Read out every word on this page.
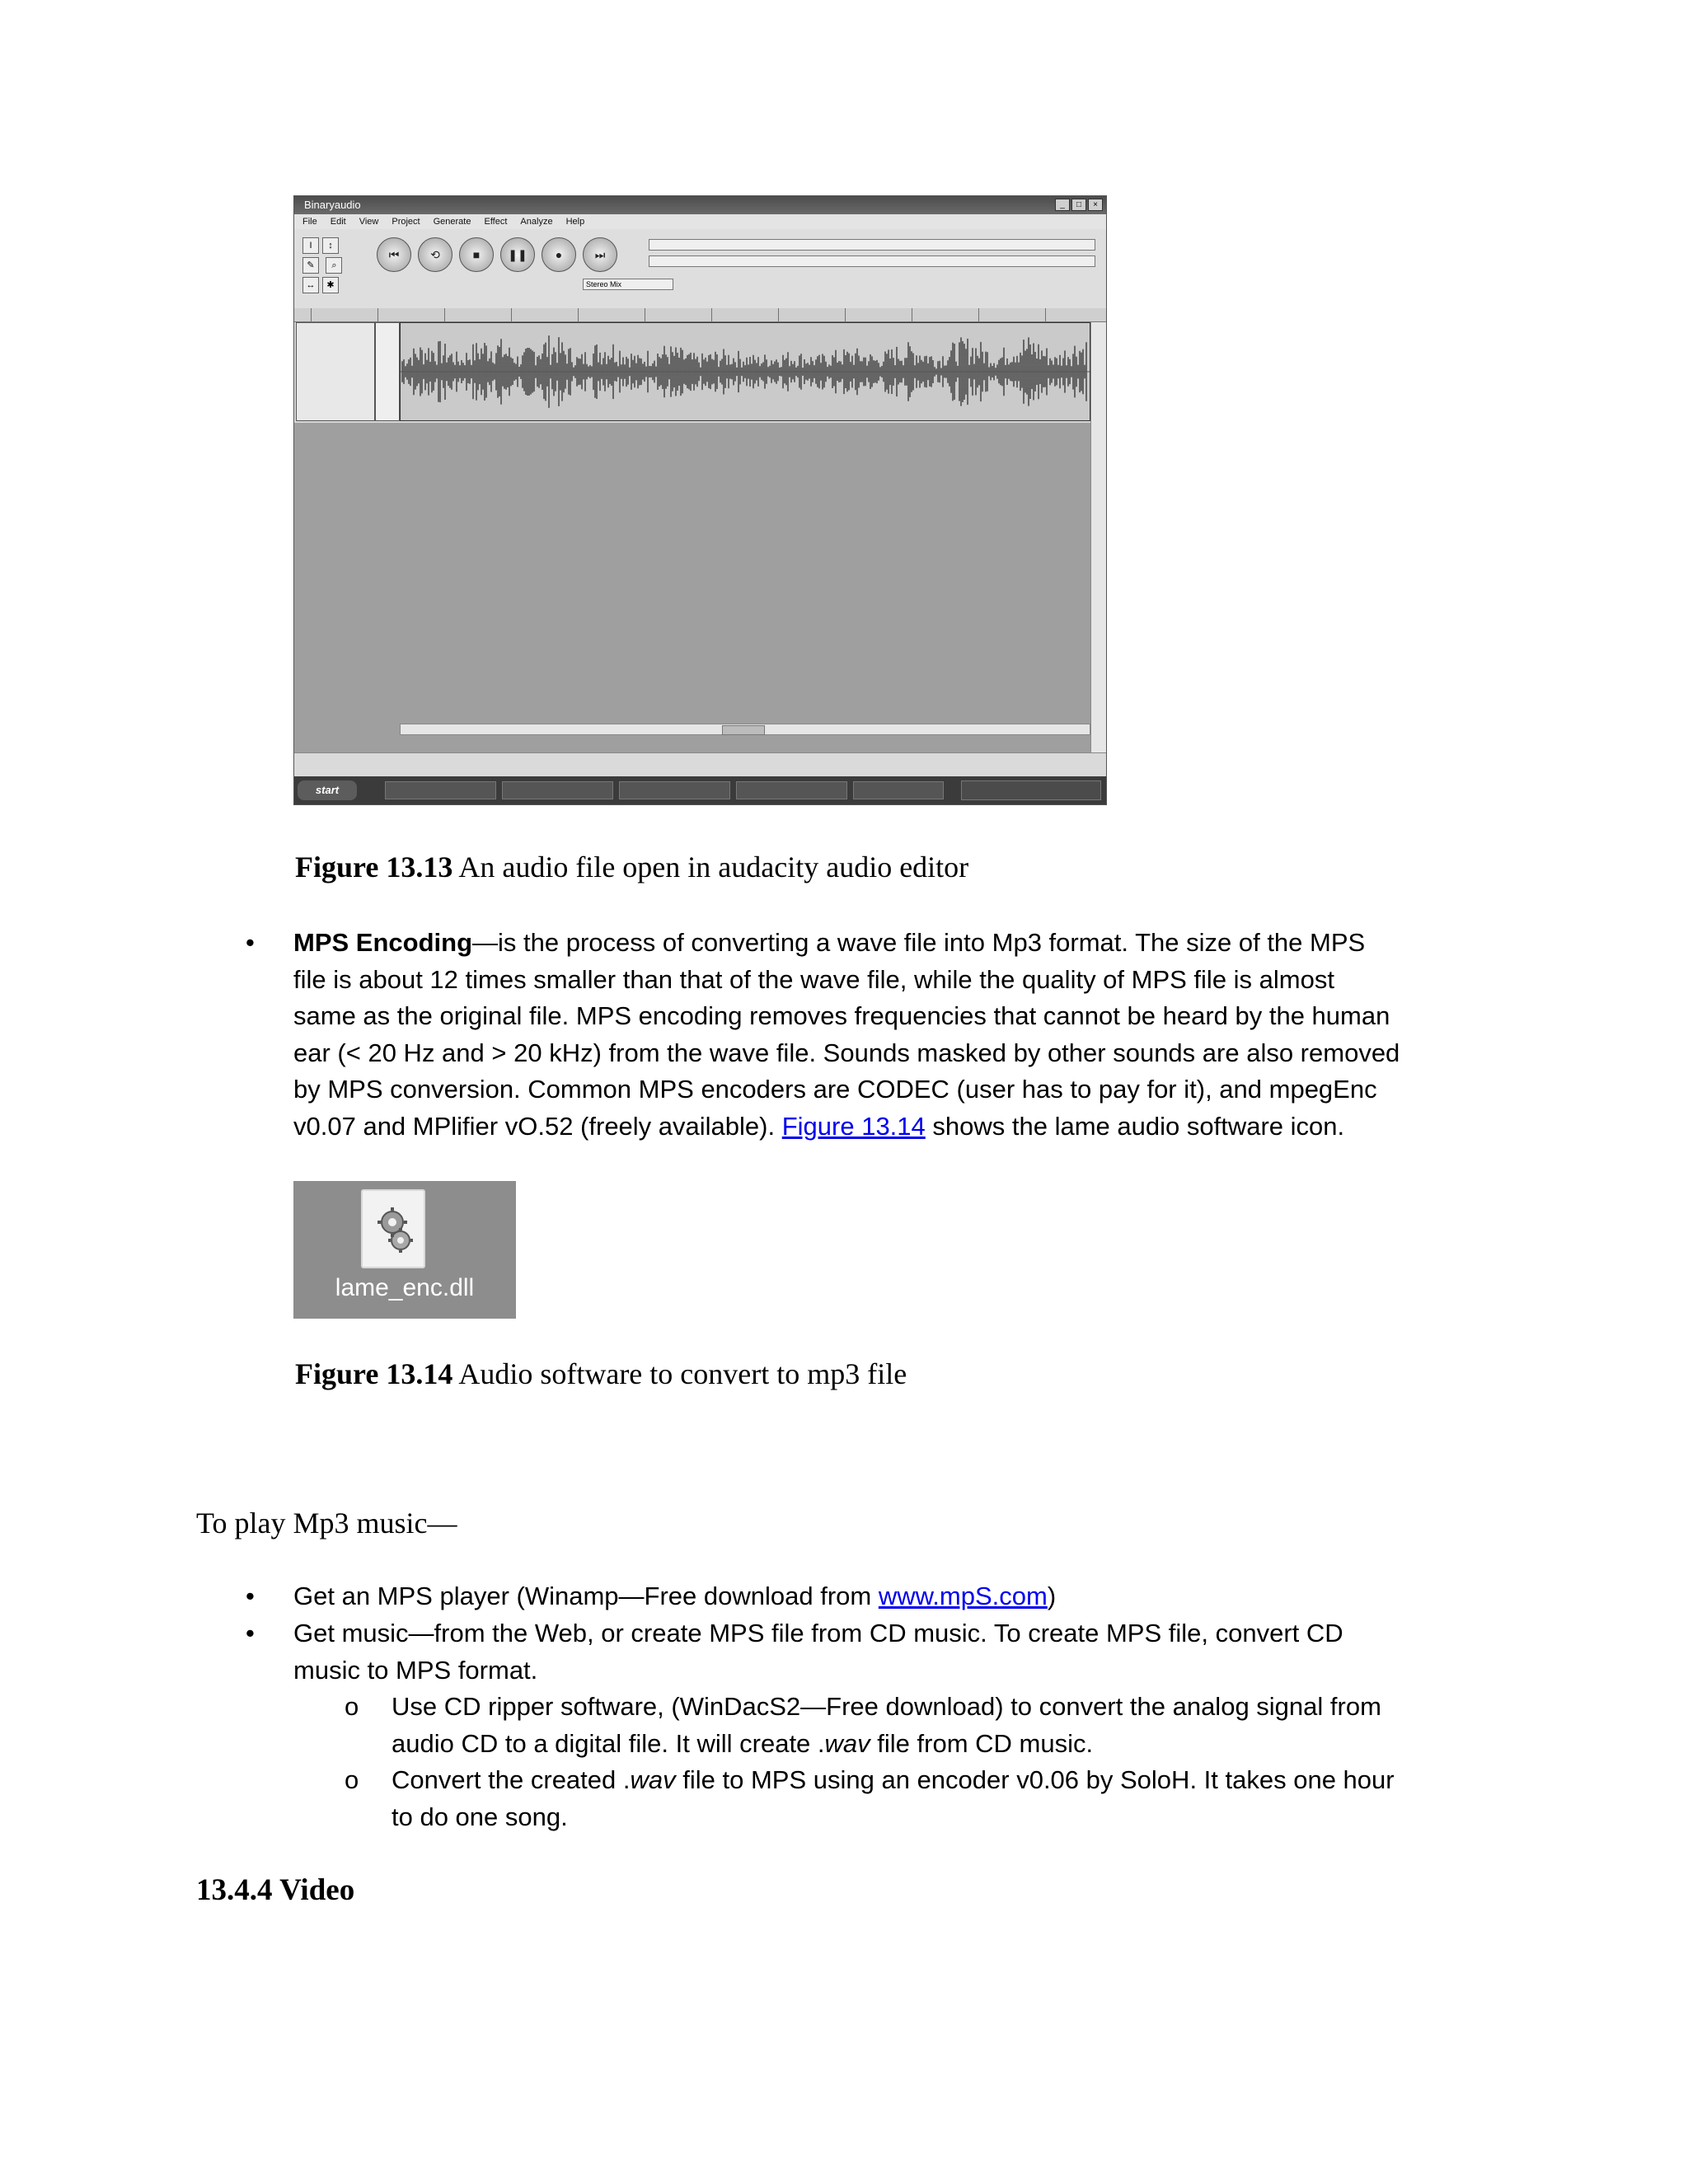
Binaryaudio	_	□	×
File Edit View Project Generate Effect Analyze Help
I ↕✎ ⌕↔ ✱
⏮	⟲	■	❚❚	●	⏭
Stereo Mix
start
Figure 13.13 An audio file open in audacity audio editor
• MPS Encoding—is the process of converting a wave file into Mp3 format. The size of the MPS
file is about 12 times smaller than that of the wave file, while the quality of MPS file is almost
same as the original file. MPS encoding removes frequencies that cannot be heard by the human
ear (< 20 Hz and > 20 kHz) from the wave file. Sounds masked by other sounds are also removed
by MPS conversion. Common MPS encoders are CODEC (user has to pay for it), and mpegEnc
v0.07 and MPlifier vO.52 (freely available). Figure 13.14 shows the lame audio software icon.
lame_enc.dll
Figure 13.14 Audio software to convert to mp3 file
To play Mp3 music—
• Get an MPS player (Winamp—Free download from www.mpS.com)
• Get music—from the Web, or create MPS file from CD music. To create MPS file, convert CD
music to MPS format.
o Use CD ripper software, (WinDacS2—Free download) to convert the analog signal from
audio CD to a digital file. It will create .wav file from CD music.
o Convert the created .wav file to MPS using an encoder v0.06 by SoloH. It takes one hour
to do one song.
13.4.4 Video
